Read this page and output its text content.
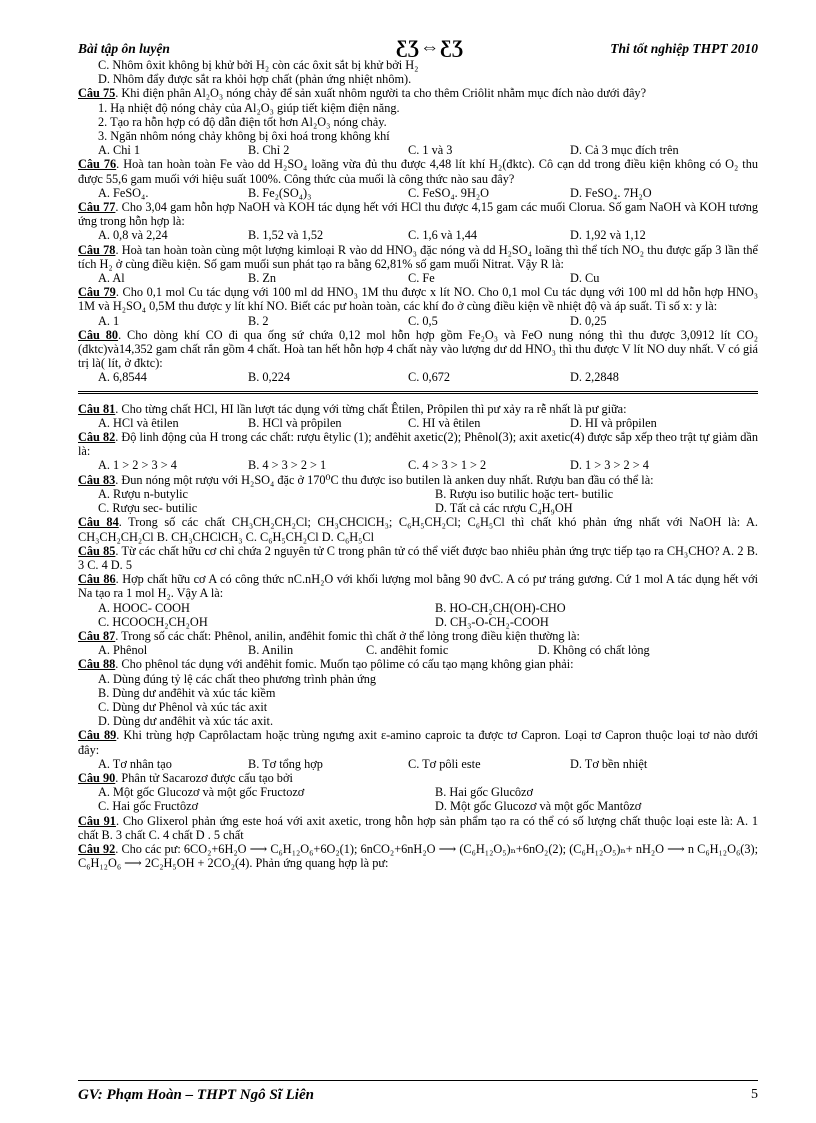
Bài tập ôn luyện	ƸƷ⇔ƸƷ	Thi tốt nghiệp THPT 2010

C. Nhôm ôxit không bị khử bởi H₂ còn các ôxit sắt bị khử bởi H₂

D. Nhôm đẩy được sắt ra khỏi hợp chất (phản ứng nhiệt nhôm).

Câu 75. Khi điện phân Al₂O₃ nóng chảy để sản xuất nhôm người ta cho thêm Criôlit nhằm mục đích nào dưới đây?

1. Hạ nhiệt độ nóng chảy của Al₂O₃ giúp tiết kiệm điện năng.

2. Tạo ra hỗn hợp có độ dẫn điện tốt hơn Al₂O₃ nóng chảy.

3. Ngăn nhôm nóng chảy không bị ôxi hoá trong không khí

A. Chỉ 1	B. Chỉ 2	C. 1 và 3	D. Cả 3 mục đích trên

Câu 76. Hoà tan hoàn toàn Fe vào dd H₂SO₄ loãng vừa đủ thu được 4,48 lít khí H₂(đktc). Cô cạn dd trong điều kiện không có O₂ thu được 55,6 gam muối với hiệu suất 100%. Công thức của muối là công thức nào sau đây?

A. FeSO₄.	B. Fe₂(SO₄)₃	C. FeSO₄. 9H₂O	D. FeSO₄. 7H₂O

Câu 77. Cho 3,04 gam hỗn hợp NaOH và KOH tác dụng hết với HCl thu được 4,15 gam các muối Clorua. Số gam NaOH và KOH tương ứng trong hỗn hợp là:

A. 0,8 và 2,24	B. 1,52 và 1,52	C. 1,6 và 1,44	D. 1,92 và 1,12

Câu 78. Hoà tan hoàn toàn cùng một lượng kimloại R vào dd HNO₃ đặc nóng và dd H₂SO₄ loãng thì thể tích NO₂ thu được gấp 3 lần thể tích H₂ ở cùng điều kiện. Số gam muối sun phát tạo ra bằng 62,81% số gam muối Nitrat. Vậy R là:

A. Al	B. Zn	C. Fe	D. Cu

Câu 79. Cho 0,1 mol Cu tác dụng với 100 ml dd HNO₃ 1M thu được x lít NO. Cho 0,1 mol Cu tác dụng với 100 ml dd hỗn hợp HNO₃ 1M và H₂SO₄ 0,5M thu được y lít khí NO. Biết các pư hoàn toàn, các khí đo ở cùng điều kiện về nhiệt độ và áp suất. Tỉ số x: y là:

A. 1	B. 2	C. 0,5	D. 0,25

Câu 80. Cho dòng khí CO đi qua ống sứ chứa 0,12 mol hỗn hợp gồm Fe₂O₃ và FeO nung nóng thì thu được 3,0912 lít CO₂ (đktc)và14,352 gam chất rắn gồm 4 chất. Hoà tan hết hỗn hợp 4 chất này vào lượng dư dd HNO₃ thì thu được V lít NO duy nhất. V có giá trị là( lít, ở đktc):

A. 6,8544	B. 0,224	C. 0,672	D. 2,2848

Câu 81. Cho từng chất HCl, HI lần lượt tác dụng với từng chất Êtilen, Prôpilen thì pư xảy ra rễ nhất là pư giữa:

A. HCl và êtilen	B. HCl và prôpilen	C. HI và êtilen	D. HI và prôpilen

Câu 82. Độ linh động của H trong các chất: rượu êtylic (1); anđêhit axetic(2); Phênol(3); axit axetic(4) được sắp xếp theo trật tự giảm dần là:

A. 1 > 2 > 3 > 4	B. 4 > 3 > 2 > 1	C. 4 > 3 > 1 > 2	D. 1 > 3 > 2 > 4

Câu 83. Đun nóng một rượu với H₂SO₄ đặc ở 170⁰C thu được iso butilen là anken duy nhất. Rượu ban đầu có thể là:

A. Rượu n-butylic	B. Rượu iso butilic hoặc tert- butilic
C. Rượu sec- butilic	D. Tất cả các rượu C₄H₉OH

Câu 84. Trong số các chất CH₃CH₂CH₂Cl; CH₃CHClCH₃; C₆H₅CH₂Cl; C₆H₅Cl thì chất khó phản ứng nhất với NaOH là: A. CH₃CH₂CH₂Cl B. CH₃CHClCH₃ C. C₆H₅CH₂Cl D. C₆H₅Cl

Câu 85. Từ các chất hữu cơ chỉ chứa 2 nguyên tử C trong phân tử có thể viết được bao nhiêu phản ứng trực tiếp tạo ra CH₃CHO? A. 2 B. 3 C. 4 D. 5

Câu 86. Hợp chất hữu cơ A có công thức nC.nH₂O với khối lượng mol bằng 90 đvC. A có pư tráng gương. Cứ 1 mol A tác dụng hết với Na tạo ra 1 mol H₂. Vậy A là:

A. HOOC- COOH	B. HO-CH₂CH(OH)-CHO
C. HCOOCH₂CH₂OH	D. CH₃-O-CH₂-COOH

Câu 87. Trong số các chất: Phênol, anilin, anđêhit fomic thì chất ở thể lỏng trong điều kiện thường là:

A. Phênol	B. Anilin	C. anđêhit fomic	D. Không có chất lỏng

Câu 88. Cho phênol tác dụng với anđêhit fomic. Muốn tạo pôlime có cấu tạo mạng không gian phải:

A. Dùng đúng tỷ lệ các chất theo phương trình phản ứng

B. Dùng dư anđêhit và xúc tác kiềm

C. Dùng dư Phênol và xúc tác axit

D. Dùng dư anđêhit và xúc tác axit.

Câu 89. Khi trùng hợp Caprôlactam hoặc trùng ngưng axit ε-amino caproic ta được tơ Capron. Loại tơ Capron thuộc loại tơ nào dưới đây:

A. Tơ nhân tạo	B. Tơ tổng hợp	C. Tơ pôli este	D. Tơ bền nhiệt

Câu 90. Phân tử Sacarozơ được cấu tạo bởi

A. Một gốc Glucozơ và một gốc Fructozơ	B. Hai gốc Glucôzơ
C. Hai gốc Fructôzơ	D. Một gốc Glucozơ và một gốc Mantôzơ

Câu 91. Cho Glixerol phản ứng este hoá với axit axetic, trong hỗn hợp sản phẩm tạo ra có thể có số lượng chất thuộc loại este là: A. 1 chất B. 3 chất C. 4 chất D . 5 chất

Câu 92. Cho các pư: 6CO₂+6H₂O ⟶ C₆H₁₂O₆+6O₂(1); 6nCO₂+6nH₂O ⟶ (C₆H₁₂O₅)ₙ+6nO₂(2); (C₆H₁₂O₅)ₙ+ nH₂O ⟶ n C₆H₁₂O₆(3); C₆H₁₂O₆ ⟶ 2C₂H₅OH + 2CO₂(4). Phản ứng quang hợp là pư:

GV: Phạm Hoàn – THPT Ngô Sĩ Liên	5
